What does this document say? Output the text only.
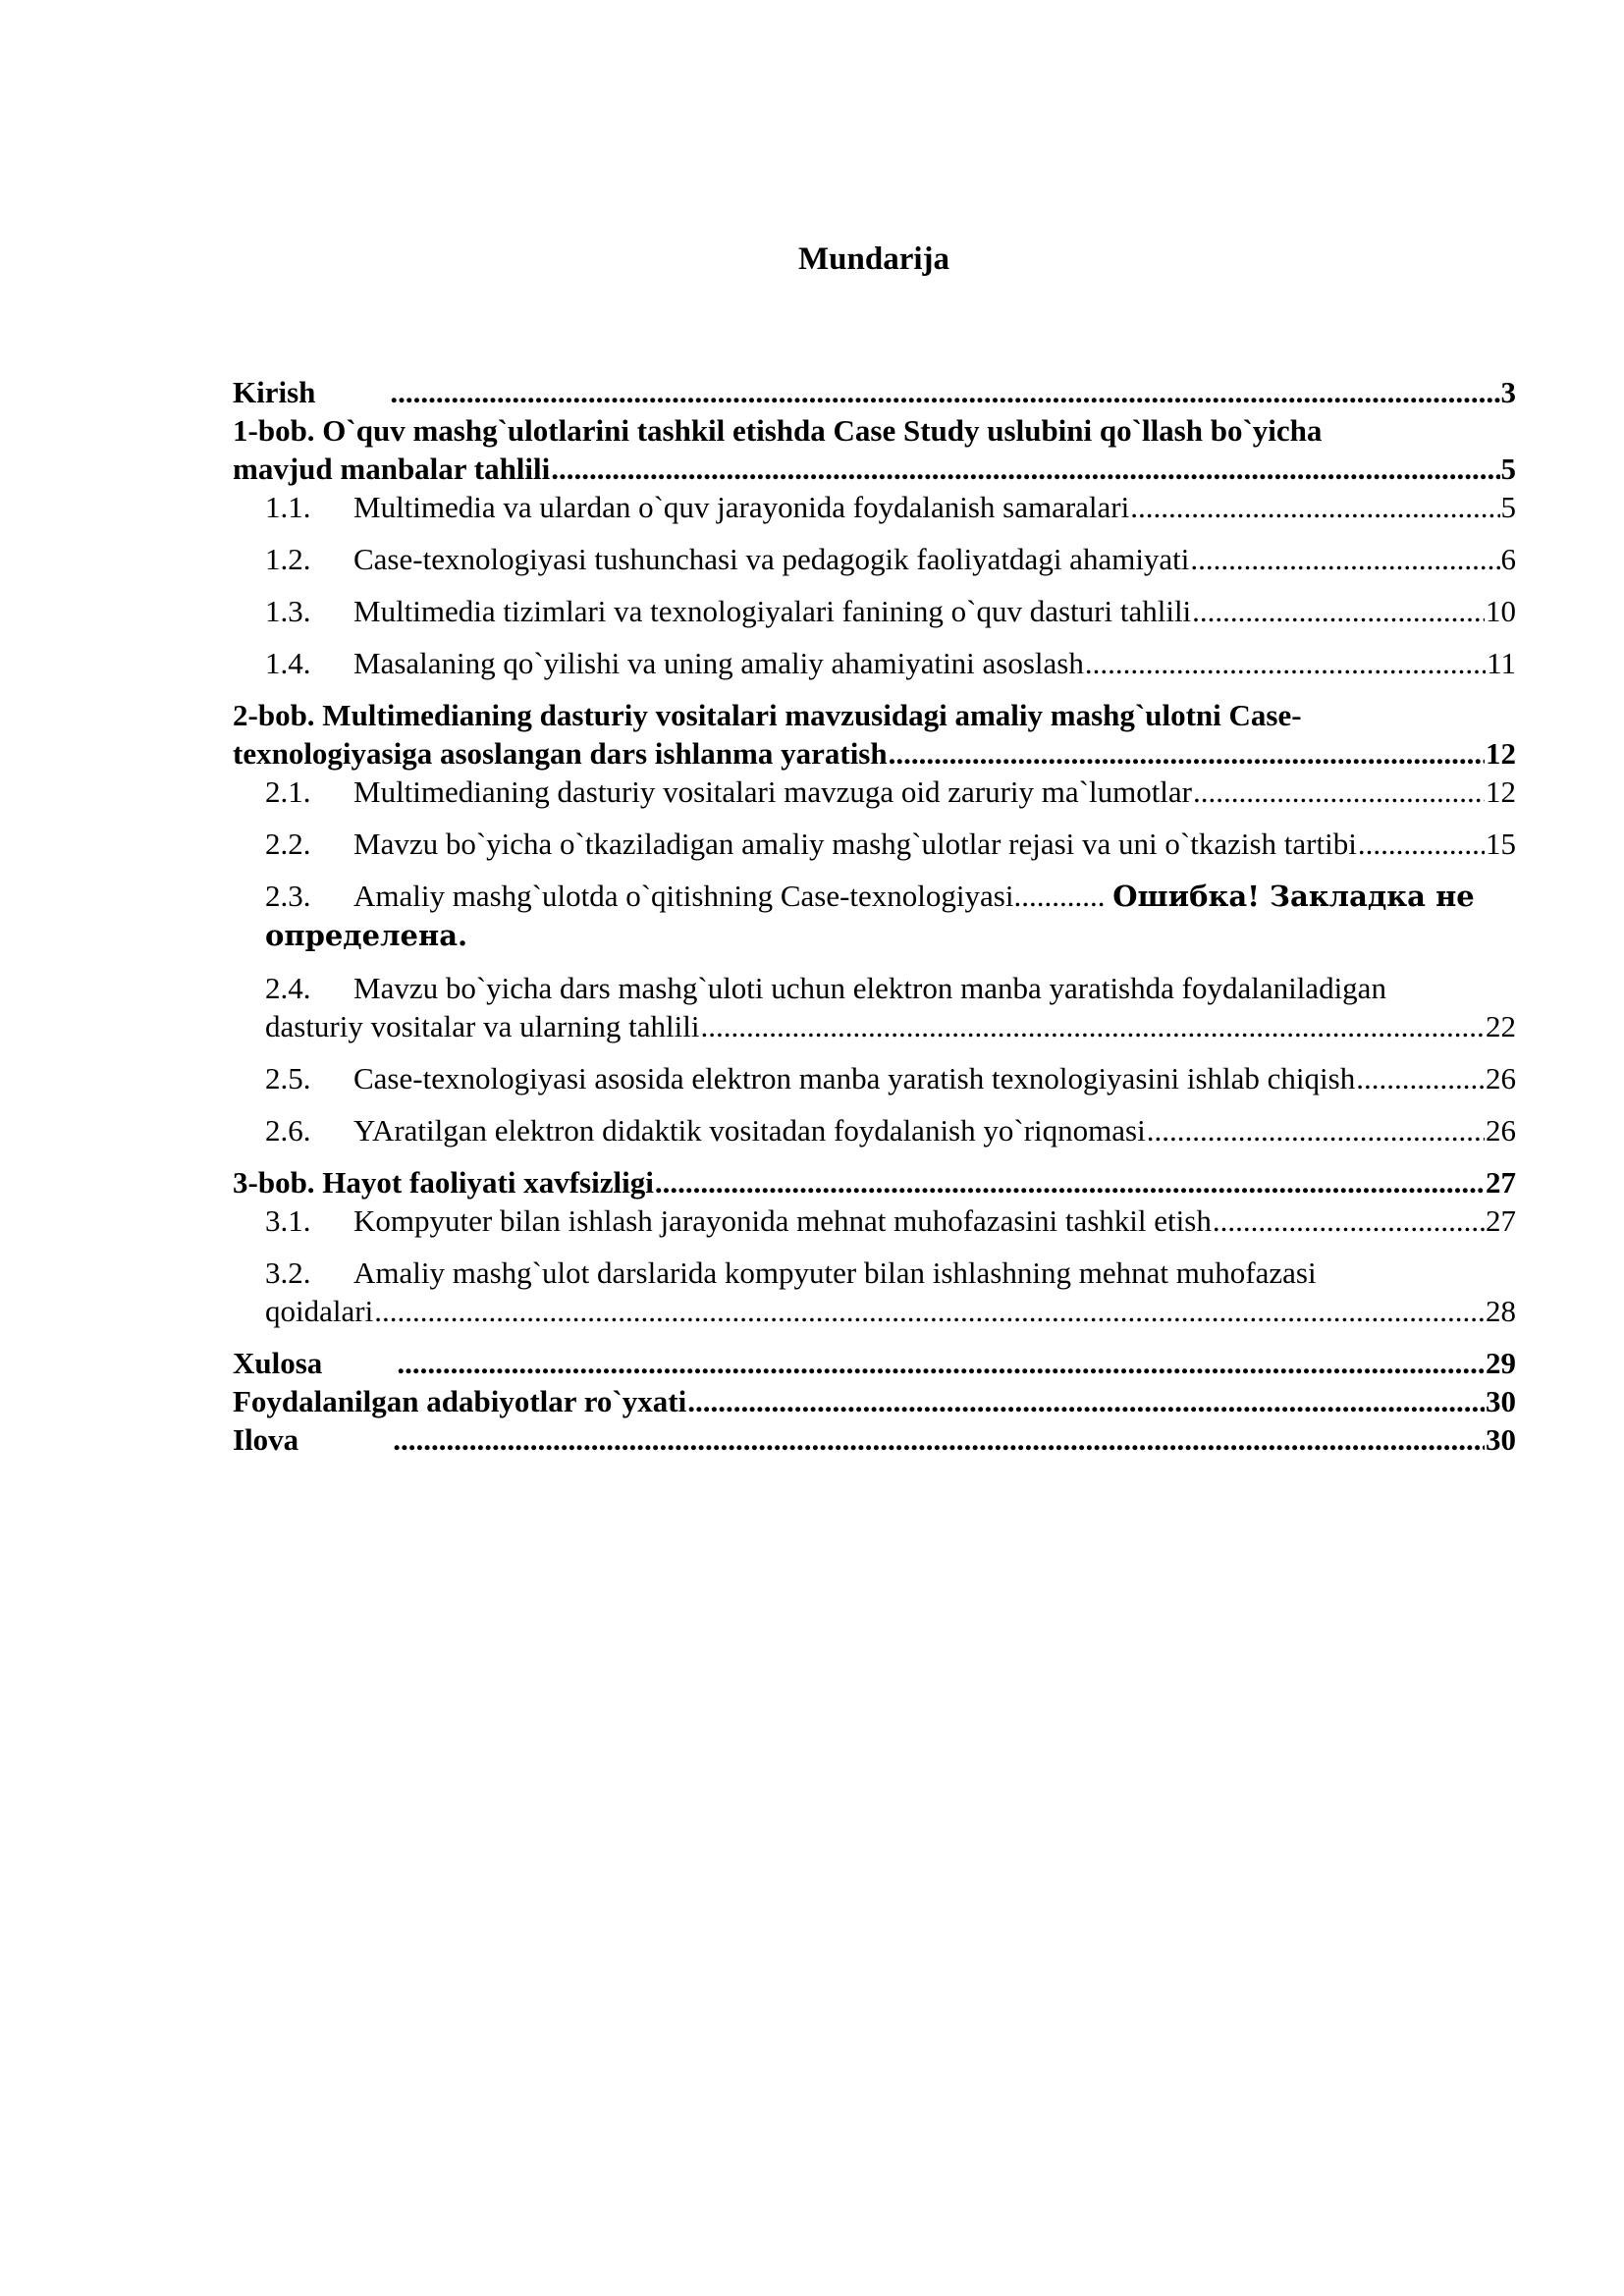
Mundarija
Kirish .....	3
1-bob. O`quv mashg`ulotlarini tashkil etishda Case Study uslubini qo`llash bo`yicha
mavjud manbalar tahlili .....	5
1.1. Multimedia va ulardan o`quv jarayonida foydalanish samaralari .....	5
1.2. Case-texnologiyasi tushunchasi va pedagogik faoliyatdagi ahamiyati .....	6
1.3. Multimedia tizimlari va texnologiyalari fanining o`quv dasturi tahlili .....	10
1.4. Masalaning qo`yilishi va uning amaliy ahamiyatini asoslash .....	11
2-bob. Multimedianing dasturiy vositalari mavzusidagi amaliy mashg`ulotni Case-
texnologiyasiga asoslangan dars ishlanma yaratish .....	12
2.1. Multimedianing dasturiy vositalari mavzuga oid zaruriy ma`lumotlar .....	12
2.2. Mavzu bo`yicha o`tkaziladigan amaliy mashg`ulotlar rejasi va uni o`tkazish tartibi .....	15
2.3. Amaliy mashg`ulotda o`qitishning Case-texnologiyasi............ Ошибка! Закладка не
определена.
2.4. Mavzu bo`yicha dars mashg`uloti uchun elektron manba yaratishda foydalaniladigan
dasturiy vositalar va ularning tahlili .....	22
2.5. Case-texnologiyasi asosida elektron manba yaratish texnologiyasini ishlab chiqish .....	26
2.6. YAratilgan elektron didaktik vositadan foydalanish yo`riqnomasi .....	26
3-bob. Hayot faoliyati xavfsizligi .....	27
3.1. Kompyuter bilan ishlash jarayonida mehnat muhofazasini tashkil etish .....	27
3.2. Amaliy mashg`ulot darslarida kompyuter bilan ishlashning mehnat muhofazasi
qoidalari .....	28
Xulosa .....	29
Foydalanilgan adabiyotlar ro`yxati .....	30
Ilova .....	30
